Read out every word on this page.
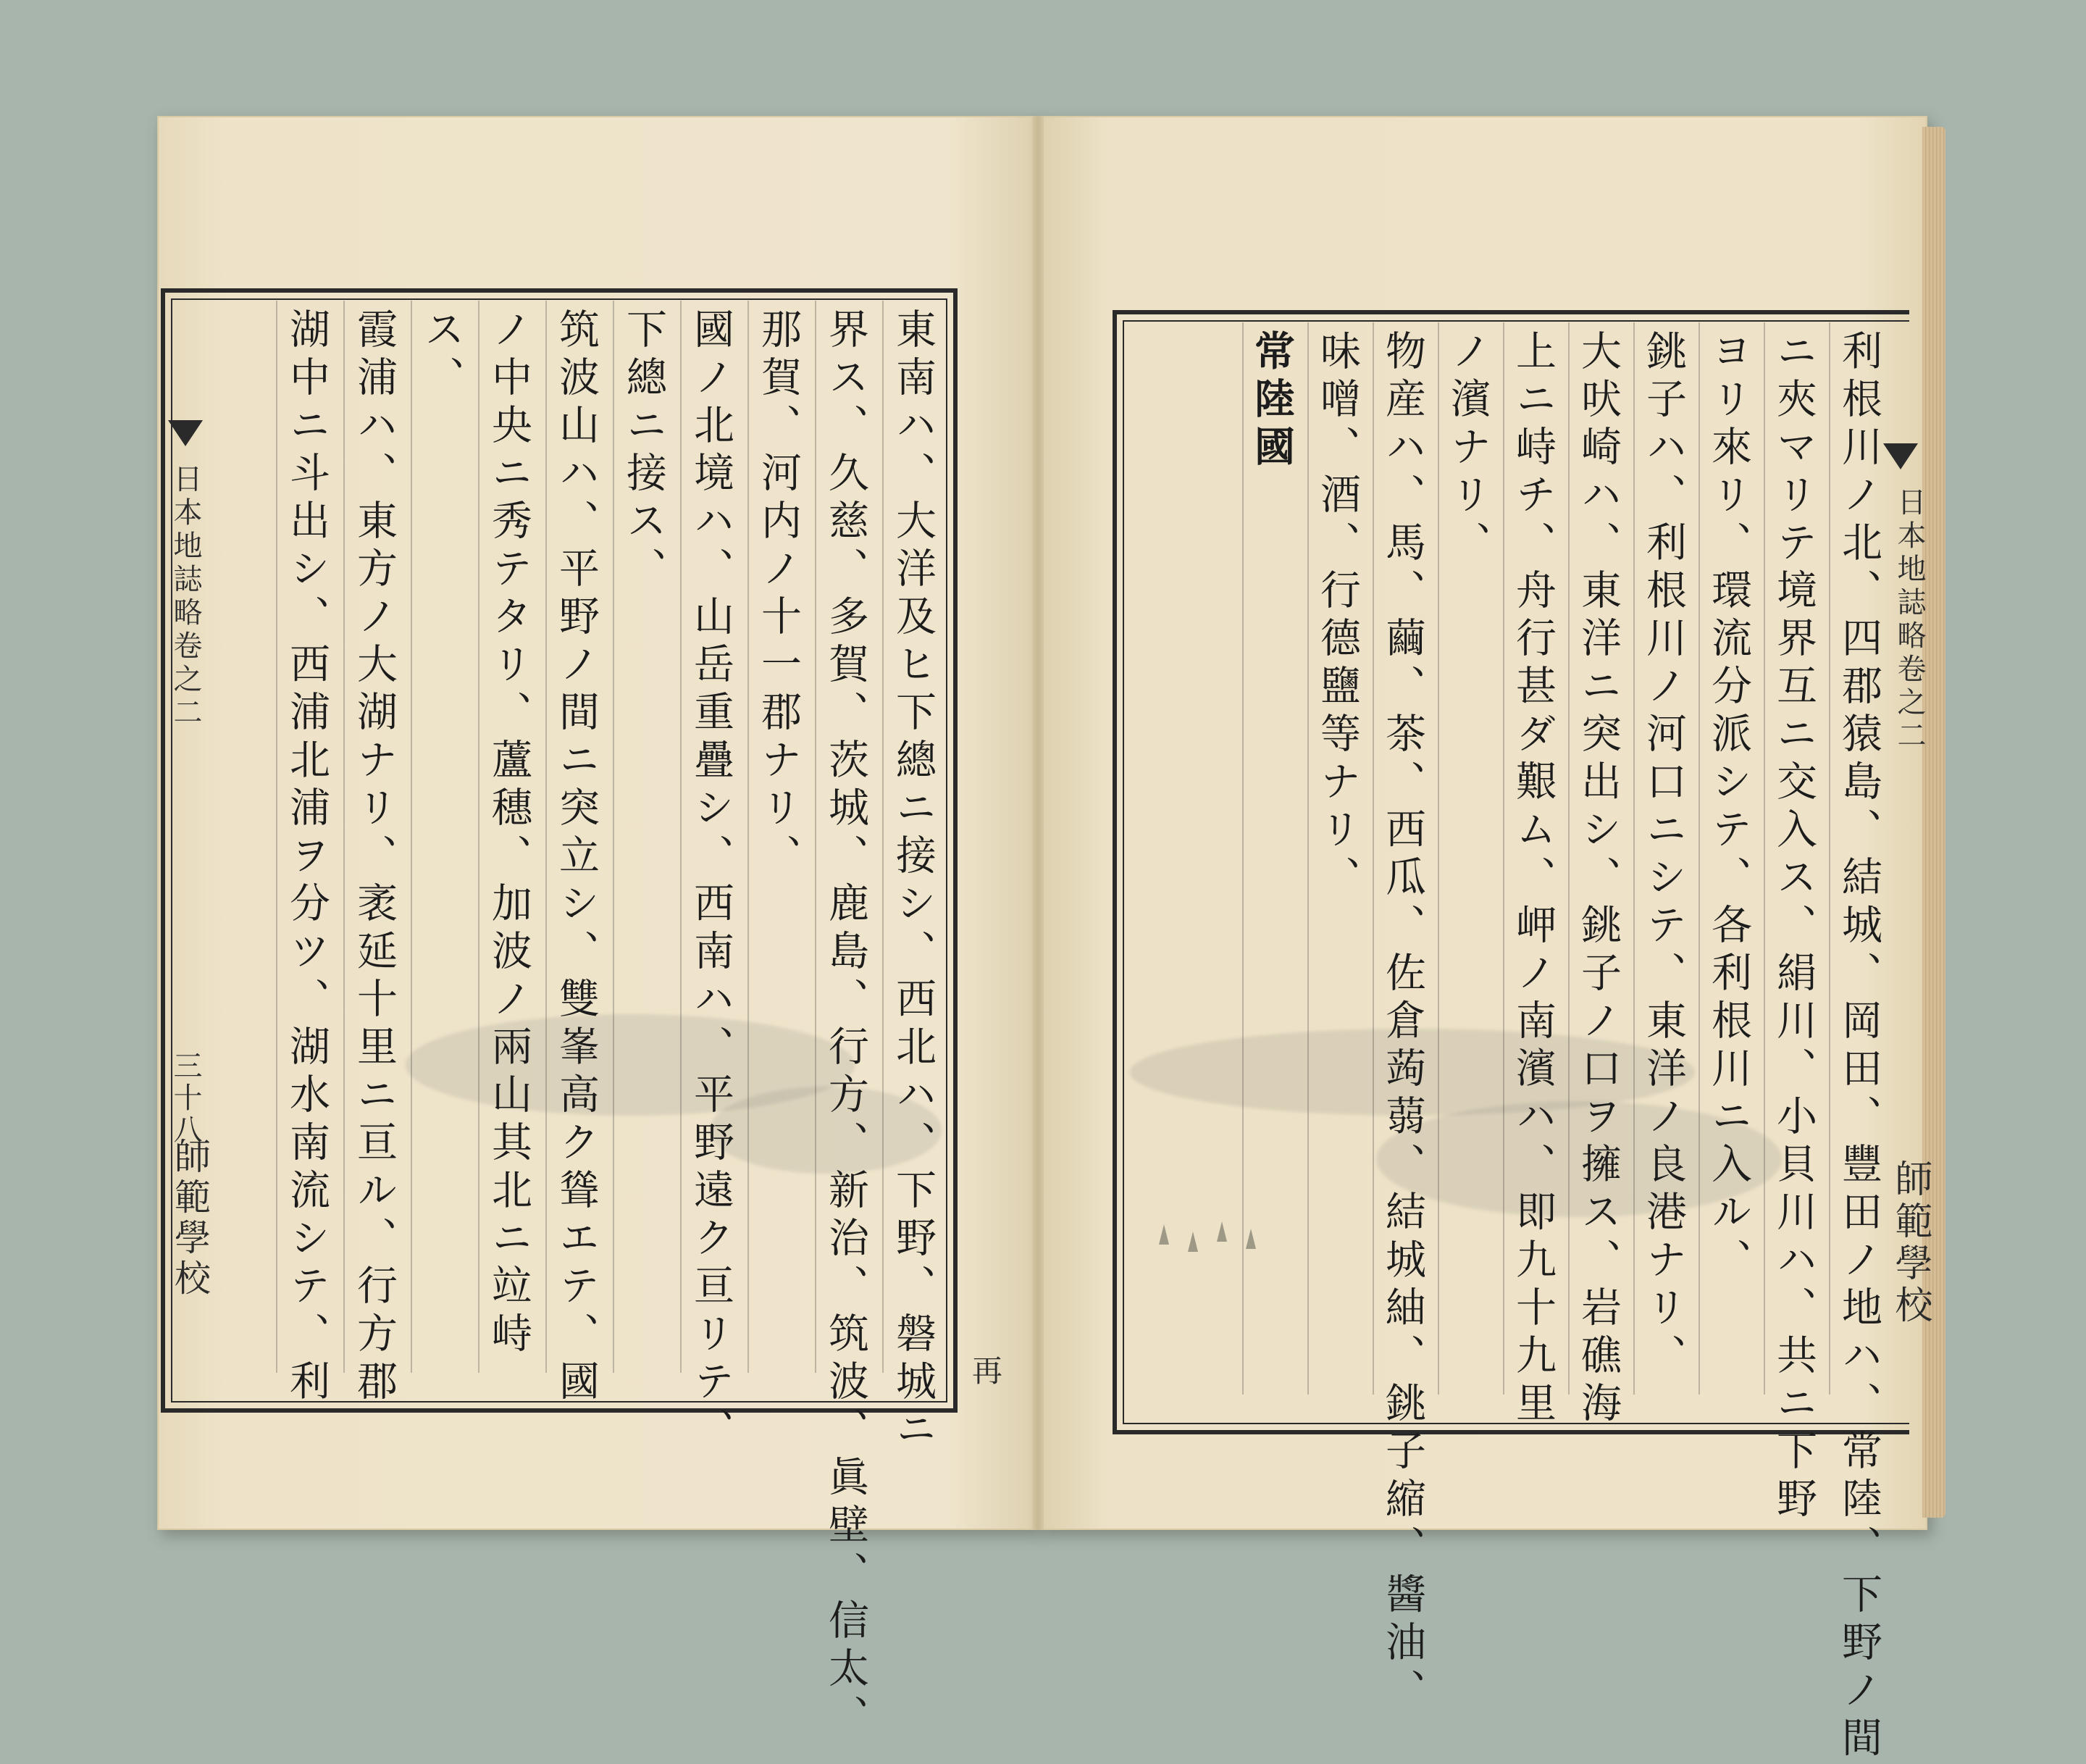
東南ハ、大洋及ヒ下總ニ接シ、西北ハ、下野、磐城ニ
界ス、久慈、多賀、茨城、鹿島、行方、新治、筑波、眞壁、信太、
那賀、河内ノ十一郡ナリ、
國ノ北境ハ、山岳重疊シ、西南ハ、平野遠ク亘リテ、
下總ニ接ス、
筑波山ハ、平野ノ間ニ突立シ、雙峯高ク聳エテ、國
ノ中央ニ秀テタリ、蘆穗、加波ノ兩山其北ニ竝峙
ス、
霞浦ハ、東方ノ大湖ナリ、袤延十里ニ亘ル、行方郡
湖中ニ斗出シ、西浦北浦ヲ分ツ、湖水南流シテ、利	利根川ノ北、四郡猿島、結城、岡田、豐田ノ地ハ、常陸、下野ノ間
ニ夾マリテ境界互ニ交入ス、絹川、小貝川ハ、共ニ下野
ヨリ來リ、環流分派シテ、各利根川ニ入ル、
銚子ハ、利根川ノ河口ニシテ、東洋ノ良港ナリ、
大吠崎ハ、東洋ニ突出シ、銚子ノ口ヲ擁ス、岩礁海
上ニ峙チ、舟行甚ダ艱ム、岬ノ南濱ハ、即九十九里
ノ濱ナリ、
物産ハ、馬、繭、茶、西瓜、佐倉蒟蒻、結城紬、銚子縮、醬油、
味噌、酒、行德鹽等ナリ、
常陸國
日本地誌略卷之二
三十八
師範學校
再
日本地誌略卷之二
師範學校
